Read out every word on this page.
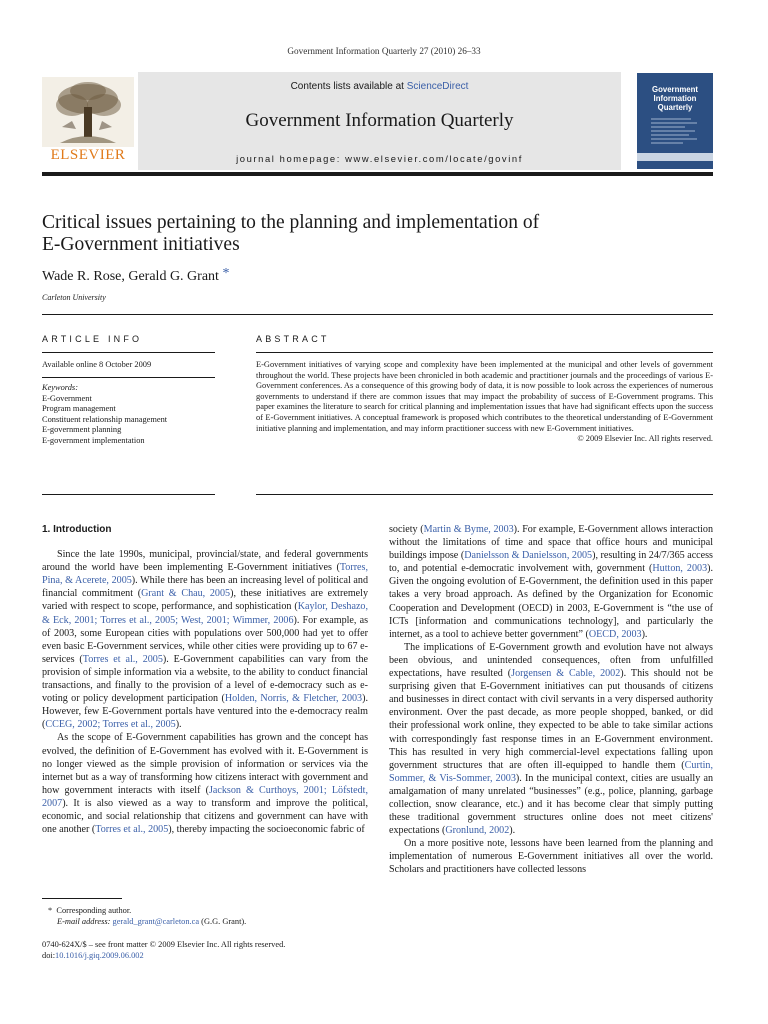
Government Information Quarterly 27 (2010) 26–33
Contents lists available at ScienceDirect
Government Information Quarterly
journal homepage: www.elsevier.com/locate/govinf
ELSEVIER
Government
Information
Quarterly
Critical issues pertaining to the planning and implementation of
E-Government initiatives
Wade R. Rose, Gerald G. Grant *
Carleton University
ARTICLE INFO
Available online 8 October 2009
Keywords:
E-Government
Program management
Constituent relationship management
E-government planning
E-government implementation
ABSTRACT
E-Government initiatives of varying scope and complexity have been implemented at the municipal and other levels of government throughout the world. These projects have been chronicled in both academic and practitioner journals and the proceedings of various E-Government conferences. As a consequence of this growing body of data, it is now possible to look across the experiences of numerous governments to understand if there are common issues that may impact the probability of success of E-Government programs. This paper examines the literature to search for critical planning and implementation issues that have had significant effects upon the success of E-Government initiatives. A conceptual framework is proposed which contributes to the theoretical understanding of E-Government initiative planning and implementation, and may inform practitioner success with new E-Government initiatives.
© 2009 Elsevier Inc. All rights reserved.
1. Introduction

Since the late 1990s, municipal, provincial/state, and federal governments around the world have been implementing E-Government initiatives (Torres, Pina, & Acerete, 2005). While there has been an increasing level of political and financial commitment (Grant & Chau, 2005), these initiatives are extremely varied with respect to scope, performance, and sophistication (Kaylor, Deshazo, & Eck, 2001; Torres et al., 2005; West, 2001; Wimmer, 2006). For example, as of 2003, some European cities with populations over 500,000 had yet to offer even basic E-Government services, while other cities were providing up to 67 e-services (Torres et al., 2005). E-Government capabilities can vary from the provision of simple information via a website, to the ability to conduct financial transactions, and finally to the provision of a level of e-democracy such as e-voting or policy development participation (Holden, Norris, & Fletcher, 2003). However, few E-Government portals have ventured into the e-democracy realm (CCEG, 2002; Torres et al., 2005).

As the scope of E-Government capabilities has grown and the concept has evolved, the definition of E-Government has evolved with it. E-Government is no longer viewed as the simple provision of information or services via the internet but as a way of transforming how citizens interact with government and how government interacts with itself (Jackson & Curthoys, 2001; Löfstedt, 2007). It is also viewed as a way to transform and improve the political, economic, and social relationship that citizens and government can have with one another (Torres et al., 2005), thereby impacting the socioeconomic fabric of

* Corresponding author.
E-mail address: gerald_grant@carleton.ca (G.G. Grant).
0740-624X/$ – see front matter © 2009 Elsevier Inc. All rights reserved.
doi:10.1016/j.giq.2009.06.002

society (Martin & Byme, 2003). For example, E-Government allows interaction without the limitations of time and space that office hours and municipal buildings impose (Danielsson & Danielsson, 2005), resulting in 24/7/365 access to, and potential e-democratic involvement with, government (Hutton, 2003). Given the ongoing evolution of E-Government, the definition used in this paper takes a very broad approach. As defined by the Organization for Economic Cooperation and Development (OECD) in 2003, E-Government is “the use of ICTs [information and communications technology], and particularly the internet, as a tool to achieve better government” (OECD, 2003).

The implications of E-Government growth and evolution have not always been obvious, and unintended consequences, often from unfulfilled expectations, have resulted (Jorgensen & Cable, 2002). This should not be surprising given that E-Government initiatives can put thousands of citizens and businesses in direct contact with civil servants in a very dispersed authority environment. Over the past decade, as more people shopped, banked, or did their professional work online, they expected to be able to take similar actions with correspondingly fast response times in an E-Government environment. This has resulted in very high commercial-level expectations falling upon government structures that are often ill-equipped to handle them (Curtin, Sommer, & Vis-Sommer, 2003). In the municipal context, cities are usually an amalgamation of many unrelated “businesses” (e.g., police, planning, garbage collection, snow clearance, etc.) and it has become clear that simply putting these traditional government structures online does not meet citizens' expectations (Gronlund, 2002).

On a more positive note, lessons have been learned from the planning and implementation of numerous E-Government initiatives all over the world. Scholars and practitioners have collected lessons
